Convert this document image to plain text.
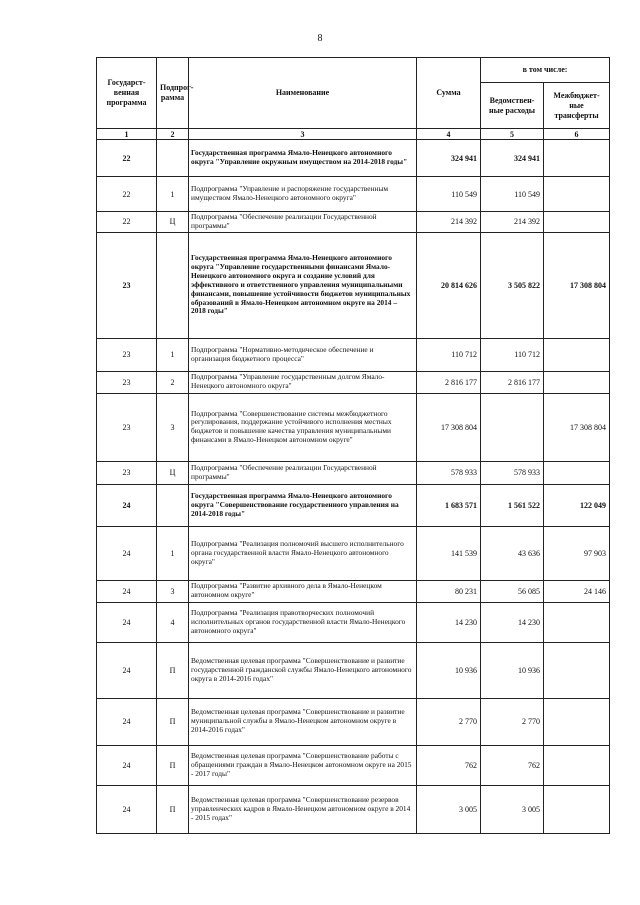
8
Государст-венная программа	Подпрог-рамма	Наименование	Сумма	в том числе:	
				Ведомствен-ные расходы	Межбюджет-ные трансферты
1	2	3	4	5	6
22		Государственная программа Ямало-Ненецкого автономного округа "Управление окружным имуществом на 2014-2018 годы"	324 941	324 941	
22	1	Подпрограмма "Управление и распоряжение государственным имуществом Ямало-Ненецкого автономного округа"	110 549	110 549	
22	Ц	Подпрограмма "Обеспечение реализации Государственной программы"	214 392	214 392	
23		Государственная программа Ямало-Ненецкого автономного округа "Управление государственными финансами Ямало-Ненецкого автономного округа и создание условий для эффективного и ответственного управления муниципальными финансами, повышение устойчивости бюджетов муниципальных образований в Ямало-Ненецком автономном округе на 2014 – 2018 годы"	20 814 626	3 505 822	17 308 804
23	1	Подпрограмма "Нормативно-методическое обеспечение и организация бюджетного процесса"	110 712	110 712	
23	2	Подпрограмма "Управление государственным долгом Ямало-Ненецкого автономного округа"	2 816 177	2 816 177	
23	3	Подпрограмма "Совершенствование системы межбюджетного регулирования, поддержание устойчивого исполнения местных бюджетов и повышение качества управления муниципальными финансами в Ямало-Ненецком автономном округе"	17 308 804		17 308 804
23	Ц	Подпрограмма "Обеспечение реализации Государственной программы"	578 933	578 933	
24		Государственная программа Ямало-Ненецкого автономного округа "Совершенствование государственного управления на 2014-2018 годы"	1 683 571	1 561 522	122 049
24	1	Подпрограмма "Реализация полномочий высшего исполнительного органа государственной власти Ямало-Ненецкого автономного округа"	141 539	43 636	97 903
24	3	Подпрограмма "Развитие архивного дела в Ямало-Ненецком автономном округе"	80 231	56 085	24 146
24	4	Подпрограмма "Реализация правотворческих полномочий исполнительных органов государственной власти Ямало-Ненецкого автономного округа"	14 230	14 230	
24	П	Ведомственная целевая программа "Совершенствование и развитие государственной гражданской службы Ямало-Ненецкого автономного округа в 2014-2016 годах"	10 936	10 936	
24	П	Ведомственная целевая программа "Совершенствование и развитие муниципальной службы в Ямало-Ненецком автономном округе в 2014-2016 годах"	2 770	2 770	
24	П	Ведомственная целевая программа "Совершенствование работы с обращениями граждан в Ямало-Ненецком автономном округе на 2015 - 2017 годы"	762	762	
24	П	Ведомственная целевая программа "Совершенствование резервов управленческих кадров в Ямало-Ненецком автономном округе в 2014 - 2015 годах"	3 005	3 005	
